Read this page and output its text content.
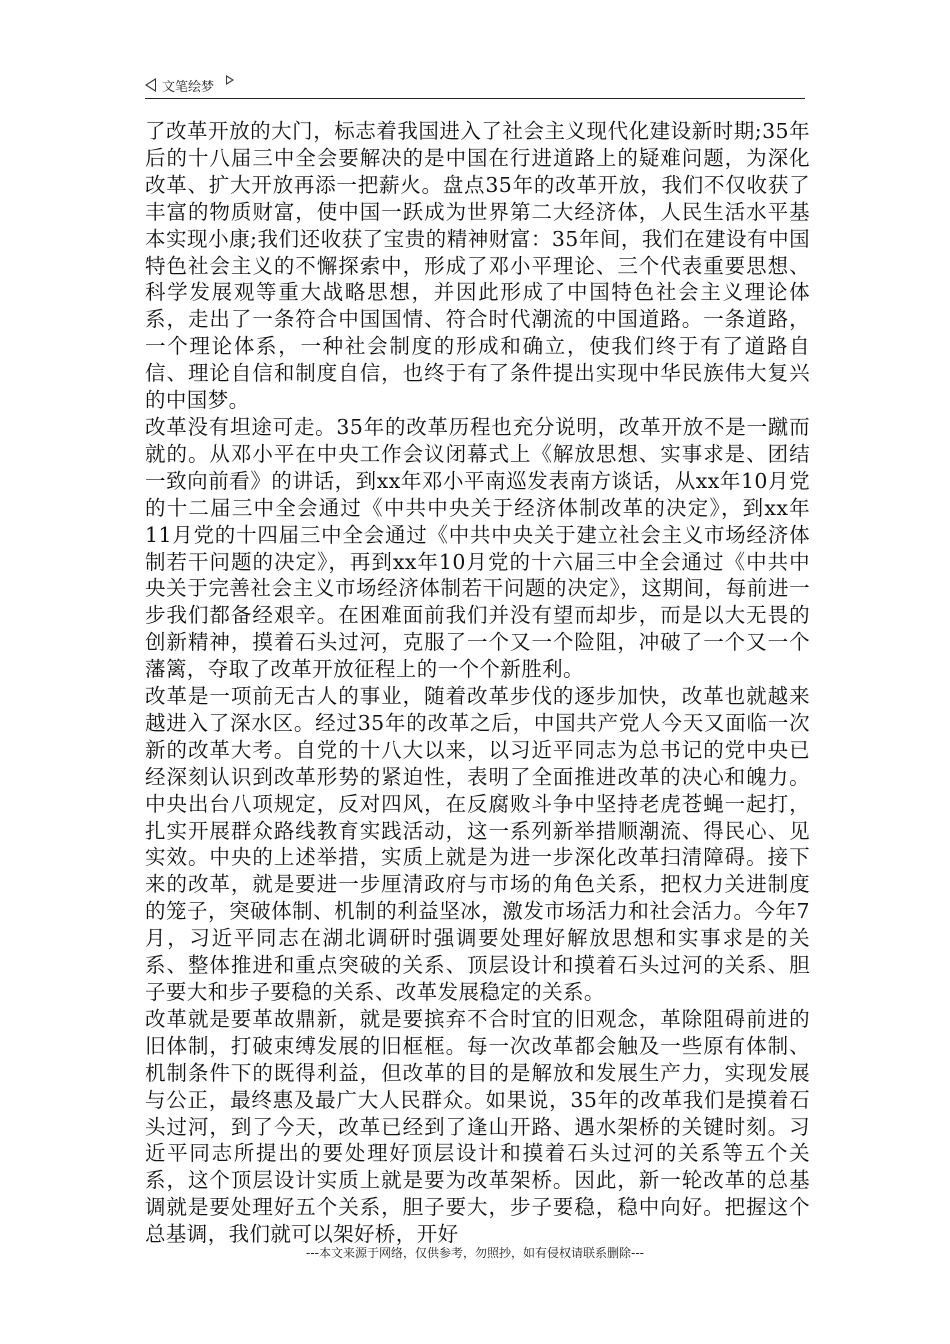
文笔绘梦

了改革开放的大门，标志着我国进入了社会主义现代化建设新时期;35年后的十八届三中全会要解决的是中国在行进道路上的疑难问题，为深化改革、扩大开放再添一把薪火。盘点35年的改革开放，我们不仅收获了丰富的物质财富，使中国一跃成为世界第二大经济体，人民生活水平基本实现小康;我们还收获了宝贵的精神财富：35年间，我们在建设有中国特色社会主义的不懈探索中，形成了邓小平理论、三个代表重要思想、科学发展观等重大战略思想，并因此形成了中国特色社会主义理论体系，走出了一条符合中国国情、符合时代潮流的中国道路。一条道路，一个理论体系，一种社会制度的形成和确立，使我们终于有了道路自信、理论自信和制度自信，也终于有了条件提出实现中华民族伟大复兴的中国梦。

改革没有坦途可走。35年的改革历程也充分说明，改革开放不是一蹴而就的。从邓小平在中央工作会议闭幕式上《解放思想、实事求是、团结一致向前看》的讲话，到xx年邓小平南巡发表南方谈话，从xx年10月党的十二届三中全会通过《中共中央关于经济体制改革的决定》，到xx年11月党的十四届三中全会通过《中共中央关于建立社会主义市场经济体制若干问题的决定》，再到xx年10月党的十六届三中全会通过《中共中央关于完善社会主义市场经济体制若干问题的决定》，这期间，每前进一步我们都备经艰辛。在困难面前我们并没有望而却步，而是以大无畏的创新精神，摸着石头过河，克服了一个又一个险阻，冲破了一个又一个藩篱，夺取了改革开放征程上的一个个新胜利。

改革是一项前无古人的事业，随着改革步伐的逐步加快，改革也就越来越进入了深水区。经过35年的改革之后，中国共产党人今天又面临一次新的改革大考。自党的十八大以来，以习近平同志为总书记的党中央已经深刻认识到改革形势的紧迫性，表明了全面推进改革的决心和魄力。中央出台八项规定，反对四风，在反腐败斗争中坚持老虎苍蝇一起打，扎实开展群众路线教育实践活动，这一系列新举措顺潮流、得民心、见实效。中央的上述举措，实质上就是为进一步深化改革扫清障碍。接下来的改革，就是要进一步厘清政府与市场的角色关系，把权力关进制度的笼子，突破体制、机制的利益坚冰，激发市场活力和社会活力。今年7月，习近平同志在湖北调研时强调要处理好解放思想和实事求是的关系、整体推进和重点突破的关系、顶层设计和摸着石头过河的关系、胆子要大和步子要稳的关系、改革发展稳定的关系。

改革就是要革故鼎新，就是要摈弃不合时宜的旧观念，革除阻碍前进的旧体制，打破束缚发展的旧框框。每一次改革都会触及一些原有体制、机制条件下的既得利益，但改革的目的是解放和发展生产力，实现发展与公正，最终惠及最广大人民群众。如果说，35年的改革我们是摸着石头过河，到了今天，改革已经到了逢山开路、遇水架桥的关键时刻。习近平同志所提出的要处理好顶层设计和摸着石头过河的关系等五个关系，这个顶层设计实质上就是要为改革架桥。因此，新一轮改革的总基调就是要处理好五个关系，胆子要大，步子要稳，稳中向好。把握这个总基调，我们就可以架好桥，开好

---本文来源于网络，仅供参考，勿照抄，如有侵权请联系删除---
